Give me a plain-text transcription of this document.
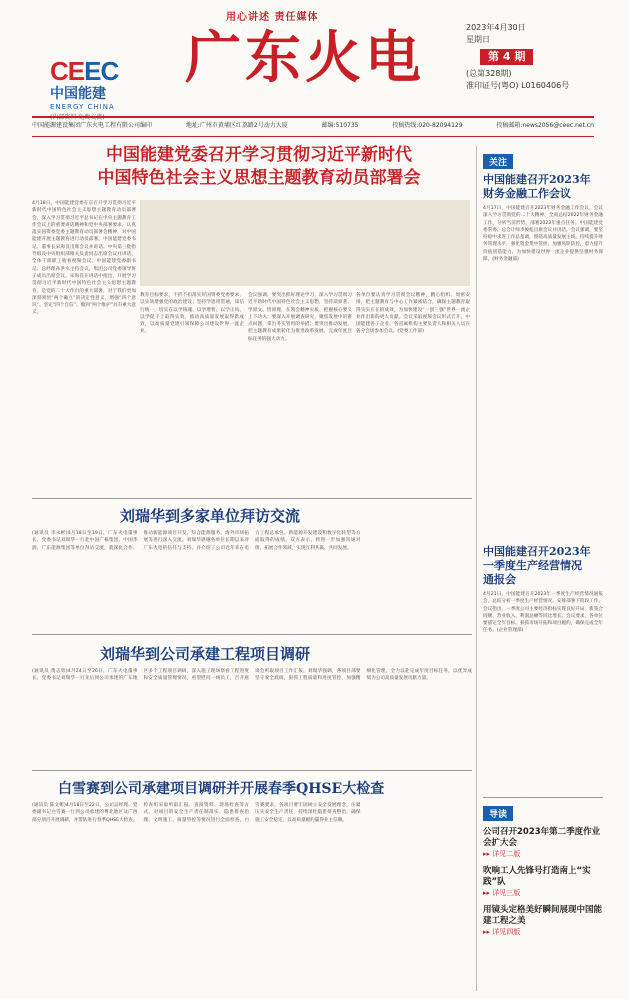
CEEC
中国能建
ENERGY CHINA
(内部资料 免费交流)
用心讲述 责任媒体
广东火电	2023年4月30日
星期日
第 4 期
(总第328期)
准印证号(粤O) L0160406号
中国能源建设集团广东火电工程有限公司编印	地址:广州市黄埔区红荔路2号动力大厦	邮编:510735	投稿热线:020-82094129	投稿邮箱:news2056@ceec.net.cn
中国能建党委召开学习贯彻习近平新时代
中国特色社会主义思想主题教育动员部署会
4月18日，中国能建党委在京召开学习贯彻习近平新时代中国特色社会主义思想主题教育动员部署会，深入学习贯彻习近平总书记在中央主题教育工作会议上的重要讲话精神和党中央部署要求，认真落实国资委党委主题教育动员部署会精神，对中国能建开展主题教育进行动员部署。中国能建党委书记、董事长宋海良出席会议并讲话。中央第三批指导组及中央组织部相关负责同志出席会议并讲话。全体干部职工收看视频会议。中国能建党委副书记、总经理孙洪水主持会议。集团公司党委领导班子成员出席会议。宋海良在讲话中指出，开展学习贯彻习近平新时代中国特色社会主义思想主题教育，是党的二十大作出的重大部署，对于我们更加深刻领悟“两个确立”的决定性意义，增强“四个意识”、坚定“四个自信”、做到“两个维护”具有重大意义。
教育目标要求，不折不扣落实好国资委党委要求，以实效增强党的政治建设；坚持学思用贯通，知信行统一，切实在以学铸魂、以学增智、以学正风、以学促干上取得实效，推动高质量发展取得新成效，以高质量党建引领保障公司建设世界一流企业。
会议强调，要突出抓好理论学习，深入学习贯彻习近平新时代中国特色社会主义思想，坚持读原著、学原文、悟原理，在领会精神实质、把握核心要义上下功夫；要深入开展调查研究，聚焦发展中的难点问题，拿出务实管用的举措；要突出推动发展，把主题教育成果转化为推进改革发展、完成年度目标任务的强大动力。
各单位要认真学习贯彻会议精神，精心组织、周密安排，把主题教育与中心工作紧密结合，确保主题教育取得实实在在的成效，为加快建设“一创三强”世界一流企业作出新的更大贡献。会议采取视频会议形式召开，中国能建各子企业、各直属机构主要负责人和相关人员在各分会场参加会议。(党委工作部)
刘瑞华到多家单位拜访交流
(通讯员 李永彬)4月18日至19日，广东火电董事长、党委书记刘瑞华一行赴中国广核集团、中国华润、广东能源集团等单位拜访交流，就深化合作、推动新能源项目开发、综合能源服务、海外市场拓展等进行深入交流。刘瑞华感谢各单位长期以来对广东火电的信任与支持，并介绍了公司近年来在电力工程总承包、新能源开发建设和数字化转型等方面取得的成绩。双方表示，将进一步加强沟通对接，拓展合作领域，实现互利共赢、共同发展。
刘瑞华到公司承建工程项目调研
(通讯员 黄志勇)4月24日至26日，广东火电董事长、党委书记刘瑞华一行先后到公司承建的广东地区多个工程项目调研，深入施工现场察看工程进度和安全质量管理情况，看望慰问一线员工，召开座谈会听取项目工作汇报。刘瑞华强调，各项目部要坚守安全底线，狠抓工程质量和进度管控，加强精细化管理，全力以赴完成年度目标任务，以优异成绩为公司高质量发展贡献力量。
白雪赛到公司承建项目调研并开展春季QHSE大检查
(通讯员 陈文彬)4月18日至22日，公司总经理、党委副书记白雪赛一行到公司承建的粤北地区及广西部分项目开展调研，并带队进行春季QHSE大检查。检查组采取听取汇报、查阅资料、现场检查等方式，对项目的安全生产责任制落实、隐患排查治理、文明施工、质量管控等情况进行全面检查。白雪赛要求，各项目要牢固树立安全发展理念，压紧压实安全生产责任，持续深化隐患排查整治，确保施工安全稳定，以高质量履约赢得业主信赖。
关注
中国能建召开2023年
财务金融工作会议
4月17日，中国能建召开2023年财务金融工作会议。会议深入学习贯彻党的二十大精神，全面总结2022年财务金融工作，分析当前形势，部署2023年重点任务。中国能建党委常委、总会计师李俊彪出席会议并讲话。会议强调，要坚持稳中求进工作总基调，围绕高质量发展主线，持续提升财务管理水平，强化资金集中管控，加强风险防控，着力提升价值创造能力，为加快建设世界一流企业提供坚强财务保障。(财务金融部)
中国能建召开2023年
一季度生产经营情况
通报会
4月21日，中国能建召开2023年一季度生产经营情况通报会，总结分析一季度生产经营情况，安排部署下阶段工作。会议指出，一季度公司主要经济指标实现良好开局，新签合同额、营业收入、利润总额等同比增长。会议要求，各单位要锚定全年目标，狠抓市场开拓和项目履约，确保完成全年任务。(企业管理部)
导读
公司召开2023年第二季度作业会扩大会
▸▸ 详见二版
吹响工人先锋号打造南上“实践”队
▸▸ 详见三版
用镜头定格美好瞬间展现中国能建工程之美
▸▸ 详见四版
